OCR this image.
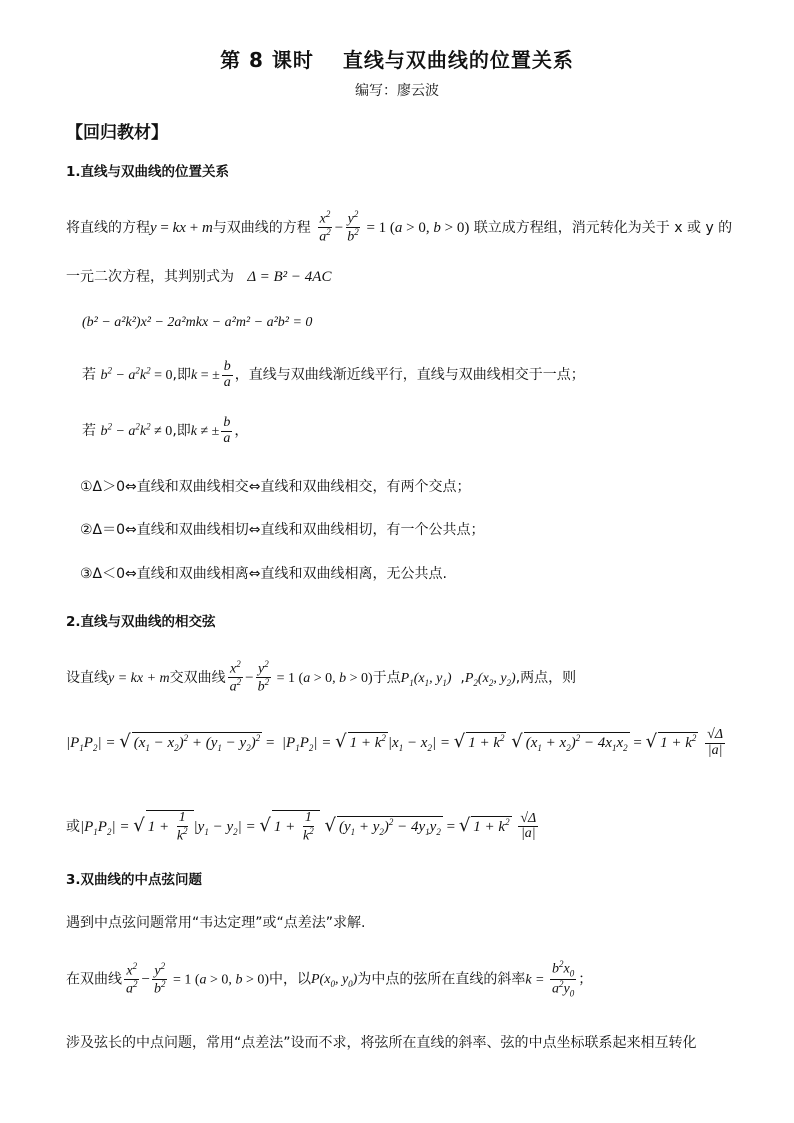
第 8 课时　 直线与双曲线的位置关系
编写：廖云波
【回归教材】
1.直线与双曲线的位置关系
将直线的方程y = kx + m与双曲线的方程 $\frac{x^2}{a^2} - \frac{y^2}{b^2} = 1$ (a > 0, b > 0) 联立成方程组，消元转化为关于 x 或 y 的
一元二次方程，其判别式为 Δ = B² − 4AC
(b² − a²k²)x² − 2a²mkx − a²m² − a²b² = 0
若 $b^2 - a^2k^2 = 0$,即k = ± $\frac{b}{a}$ ，直线与双曲线渐近线平行，直线与双曲线相交于一点；
若 $b^2 - a^2k^2 \ne 0$,即k ≠ ± $\frac{b}{a}$ ，
①Δ＞0⇔直线和双曲线相交⇔直线和双曲线相交，有两个交点；
②Δ＝0⇔直线和双曲线相切⇔直线和双曲线相切，有一个公共点；
③Δ＜0⇔直线和双曲线相离⇔直线和双曲线相离，无公共点.
2.直线与双曲线的相交弦
设直线y = kx + m交双曲线 $\frac{x^2}{a^2} - \frac{y^2}{b^2} = 1$ (a > 0, b > 0)于点$P_1(x_1$, $y_1$)  $,P_2(x_2$, $y_2$),两点，则
$|P_1P_2|$ = √ $(x_1 - x_2)^2 + (y_1 - y_2)^2 = |P_1P_2|$ = √ $1 + k^2$ $|x_1 - x_2|$ = √ $1 + k^2$ √ $(x_1 + x_2)^2 - 4x_1x_2$ = √ $1 + k^2 \frac{√\Delta}{|a|}$
或$|P_1P_2|$ = √ $1 + \frac{1}{k^2} |y_1 - y_2|$ = √ $1 + \frac{1}{k^2}$ √ $(y_1 + y_2)^2 - 4y_1y_2$ = √ $1 + k^2 \frac{√\Delta}{|a|}$
3.双曲线的中点弦问题
遇到中点弦问题常用“韦达定理”或“点差法”求解.
在双曲线 $\frac{x^2}{a^2} - \frac{y^2}{b^2} = 1$ (a > 0, b > 0)中，以$P(x_0$, $y_0$)为中点的弦所在直线的斜率$k = \frac{b^2x_0}{a^2y_0}$ ；
涉及弦长的中点问题，常用“点差法”设而不求，将弦所在直线的斜率、弦的中点坐标联系起来相互转化
